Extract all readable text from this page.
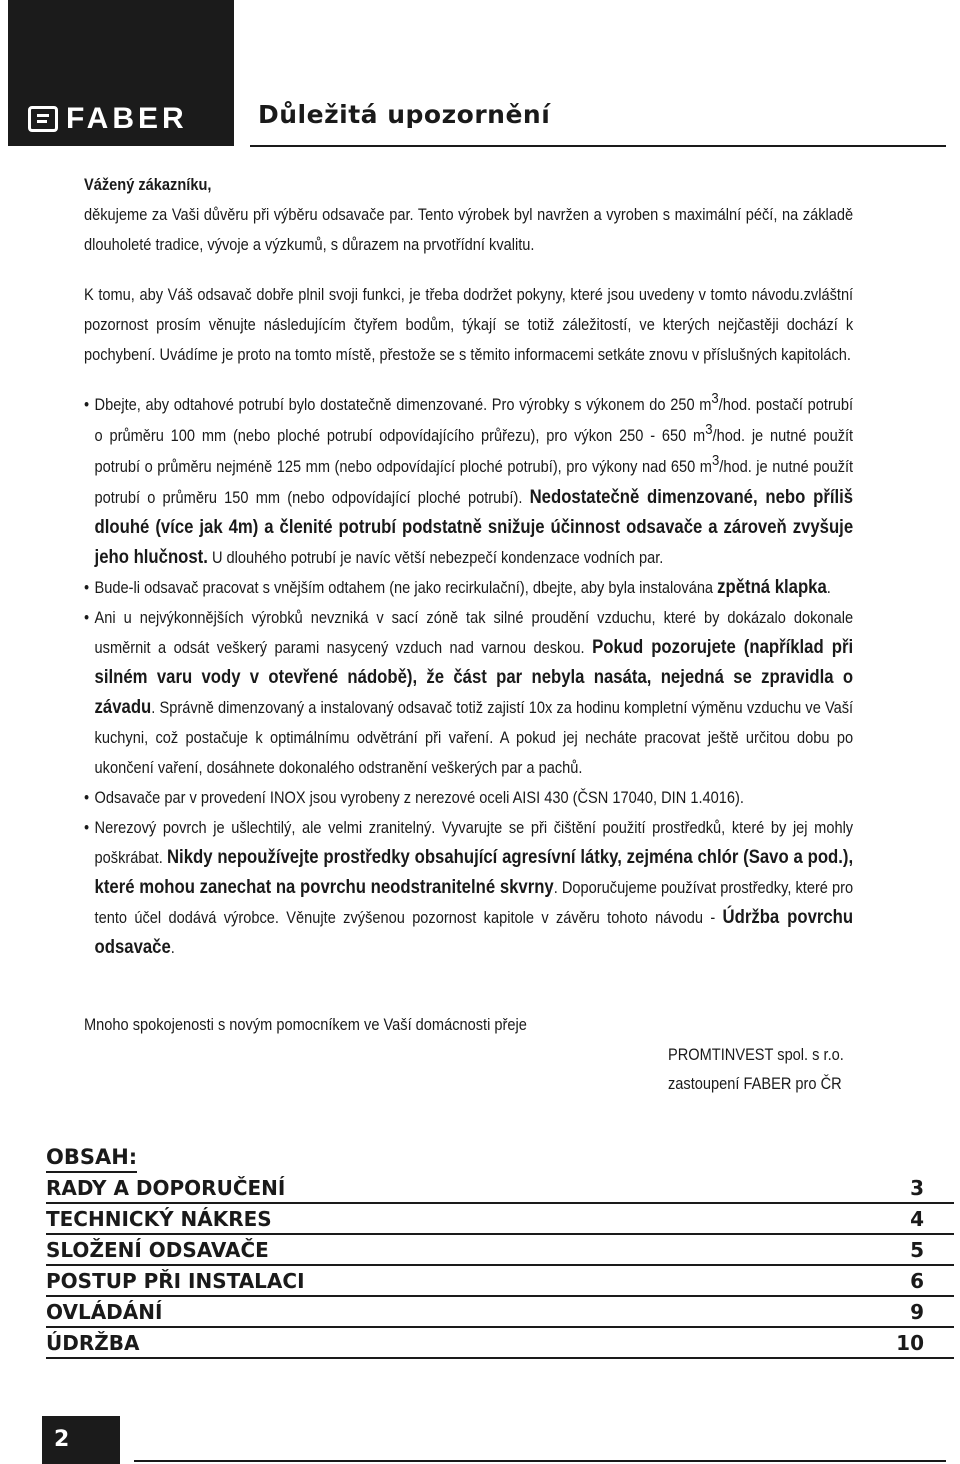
FABER	Důležitá upozornění

Vážený zákazníku,

děkujeme za Vaši důvěru při výběru odsavače par. Tento výrobek byl navržen a vyroben s maximální péčí, na základě dlouholeté tradice, vývoje a výzkumů, s důrazem na prvotřídní kvalitu.

K tomu, aby Váš odsavač dobře plnil svoji funkci, je třeba dodržet pokyny, které jsou uvedeny v tomto návodu.zvláštní pozornost prosím věnujte následujícím čtyřem bodům, týkají se totiž záležitostí, ve kterých nejčastěji dochází k pochybení. Uvádíme je proto na tomto místě, přestože se s těmito informacemi setkáte znovu v příslušných kapitolách.

• Dbejte, aby odtahové potrubí bylo dostatečně dimenzované. Pro výrobky s výkonem do 250 m3/hod. postačí potrubí o průměru 100 mm (nebo ploché potrubí odpovídajícího průřezu), pro výkon 250 - 650 m3/hod. je nutné použít potrubí o průměru nejméně 125 mm (nebo odpovídající ploché potrubí), pro výkony nad 650 m3/hod. je nutné použít potrubí o průměru 150 mm (nebo odpovídající ploché potrubí). Nedostatečně dimenzované, nebo příliš dlouhé (více jak 4m) a členité potrubí podstatně snižuje účinnost odsavače a zároveň zvyšuje jeho hlučnost. U dlouhého potrubí je navíc větší nebezpečí kondenzace vodních par.
• Bude-li odsavač pracovat s vnějším odtahem (ne jako recirkulační), dbejte, aby byla instalována zpětná klapka.
• Ani u nejvýkonnějších výrobků nevzniká v sací zóně tak silné proudění vzduchu, které by dokázalo dokonale usměrnit a odsát veškerý parami nasycený vzduch nad varnou deskou. Pokud pozorujete (například při silném varu vody v otevřené nádobě), že část par nebyla nasáta, nejedná se zpravidla o závadu. Správně dimenzovaný a instalovaný odsavač totiž zajistí 10x za hodinu kompletní výměnu vzduchu ve Vaší kuchyni, což postačuje k optimálnímu odvětrání při vaření. A pokud jej necháte pracovat ještě určitou dobu po ukončení vaření, dosáhnete dokonalého odstranění veškerých par a pachů.
• Odsavače par v provedení INOX jsou vyrobeny z nerezové oceli AISI 430 (ČSN 17040, DIN 1.4016).
• Nerezový povrch je ušlechtilý, ale velmi zranitelný. Vyvarujte se při čištění použití prostředků, které by jej mohly poškrábat. Nikdy nepoužívejte prostředky obsahující agresívní látky, zejména chlór (Savo a pod.), které mohou zanechat na povrchu neodstranitelné skvrny. Doporučujeme používat prostředky, které pro tento účel dodává výrobce. Věnujte zvýšenou pozornost kapitole v závěru tohoto návodu - Údržba povrchu odsavače.
Mnoho spokojenosti s novým pomocníkem ve Vaší domácnosti přeje
PROMTINVEST spol. s r.o.
zastoupení FABER pro ČR
OBSAH:
RADY A DOPORUČENÍ	3
TECHNICKÝ NÁKRES	4
SLOŽENÍ ODSAVAČE	5
POSTUP PŘI INSTALACI	6
OVLÁDÁNÍ	9
ÚDRŽBA	10
2
